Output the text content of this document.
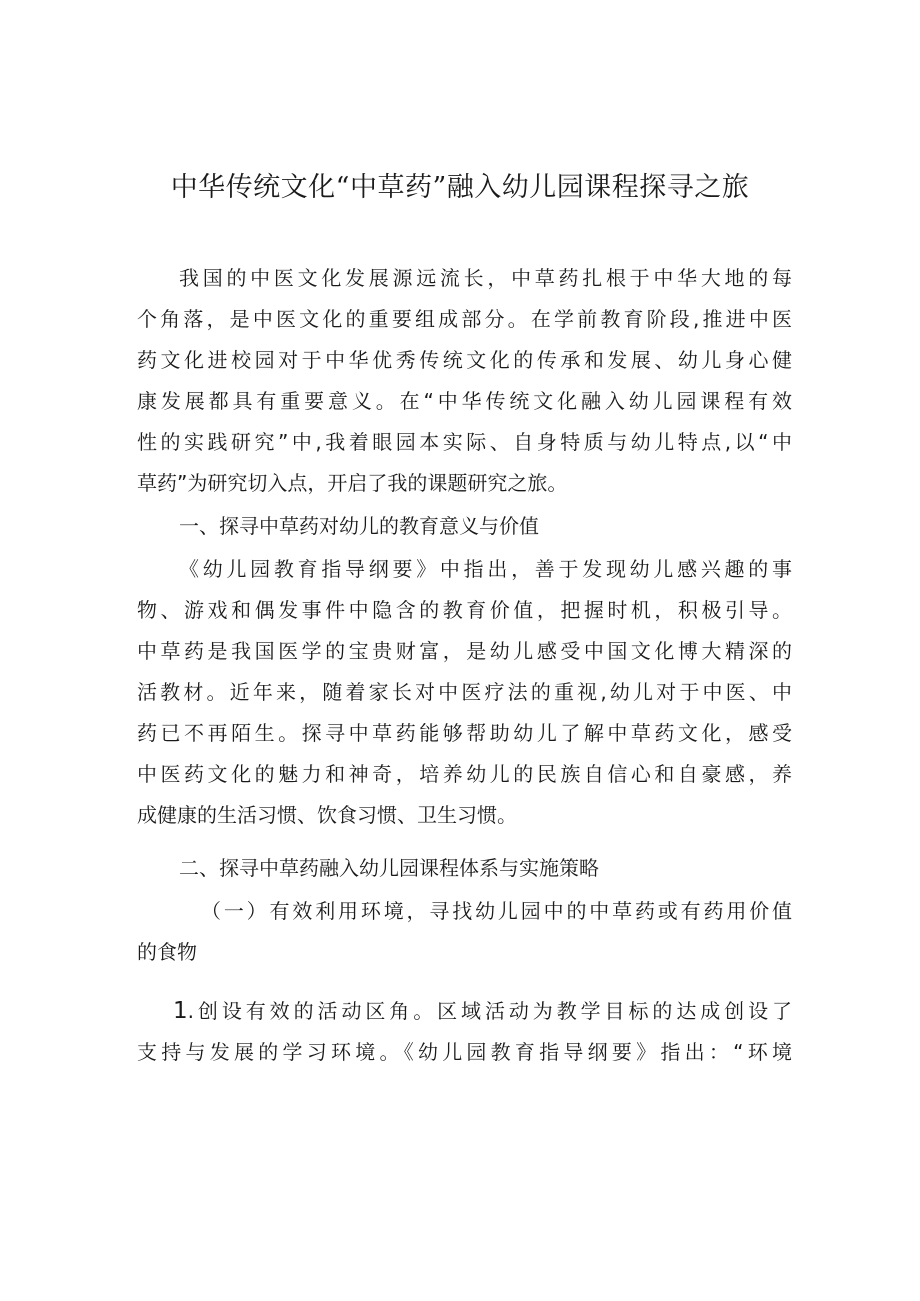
中华传统文化“中草药”融入幼儿园课程探寻之旅
我国的中医文化发展源远流长，中草药扎根于中华大地的每
个角落，是中医文化的重要组成部分。在学前教育阶段,推进中医
药文化进校园对于中华优秀传统文化的传承和发展、幼儿身心健
康发展都具有重要意义。在“中华传统文化融入幼儿园课程有效
性的实践研究”中,我着眼园本实际、自身特质与幼儿特点,以“中
草药”为研究切入点，开启了我的课题研究之旅。
一、探寻中草药对幼儿的教育意义与价值
《幼儿园教育指导纲要》中指出，善于发现幼儿感兴趣的事
物、游戏和偶发事件中隐含的教育价值，把握时机，积极引导。
中草药是我国医学的宝贵财富，是幼儿感受中国文化博大精深的
活教材。近年来，随着家长对中医疗法的重视,幼儿对于中医、中
药已不再陌生。探寻中草药能够帮助幼儿了解中草药文化，感受
中医药文化的魅力和神奇，培养幼儿的民族自信心和自豪感，养
成健康的生活习惯、饮食习惯、卫生习惯。
二、探寻中草药融入幼儿园课程体系与实施策略
（一）有效利用环境，寻找幼儿园中的中草药或有药用价值
的食物
1.创设有效的活动区角。区域活动为教学目标的达成创设了
支持与发展的学习环境。《幼儿园教育指导纲要》指出：“环境
